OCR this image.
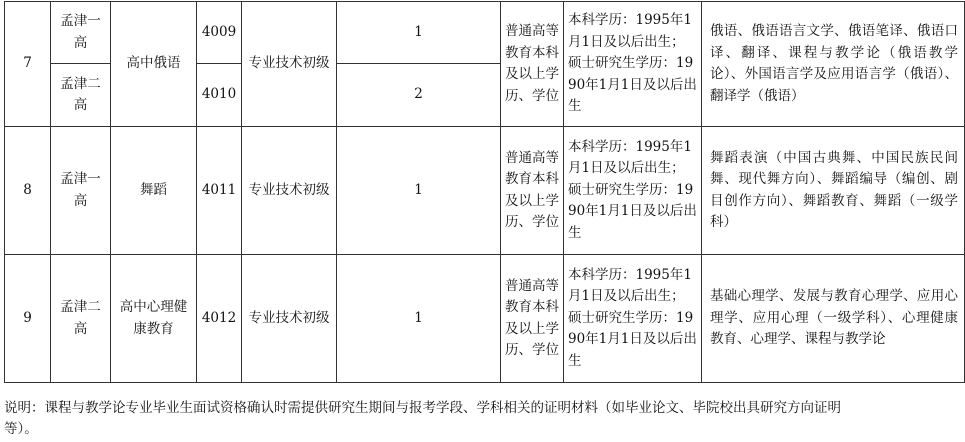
7	孟津一高	高中俄语	4009	专业技术初级	1	普通高等教育本科及以上学历、学位	本科学历：1995年1月1日及以后出生；硕士研究生学历：1990年1月1日及以后出生	俄语、俄语语言文学、俄语笔译、俄语口译、翻译、课程与教学论（俄语教学论）、外国语言学及应用语言学（俄语）、翻译学（俄语）
	孟津二高		4010		2			
8	孟津一高	舞蹈	4011	专业技术初级	1	普通高等教育本科及以上学历、学位	本科学历：1995年1月1日及以后出生；硕士研究生学历：1990年1月1日及以后出生	舞蹈表演（中国古典舞、中国民族民间舞、现代舞方向）、舞蹈编导（编创、剧目创作方向）、舞蹈教育、舞蹈（一级学科）
9	孟津二高	高中心理健康教育	4012	专业技术初级	1	普通高等教育本科及以上学历、学位	本科学历：1995年1月1日及以后出生；硕士研究生学历：1990年1月1日及以后出生	基础心理学、发展与教育心理学、应用心理学、应用心理（一级学科）、心理健康教育、心理学、课程与教学论
说明：课程与教学论专业毕业生面试资格确认时需提供研究生期间与报考学段、学科相关的证明材料（如毕业论文、毕院校出具研究方向证明等）。
